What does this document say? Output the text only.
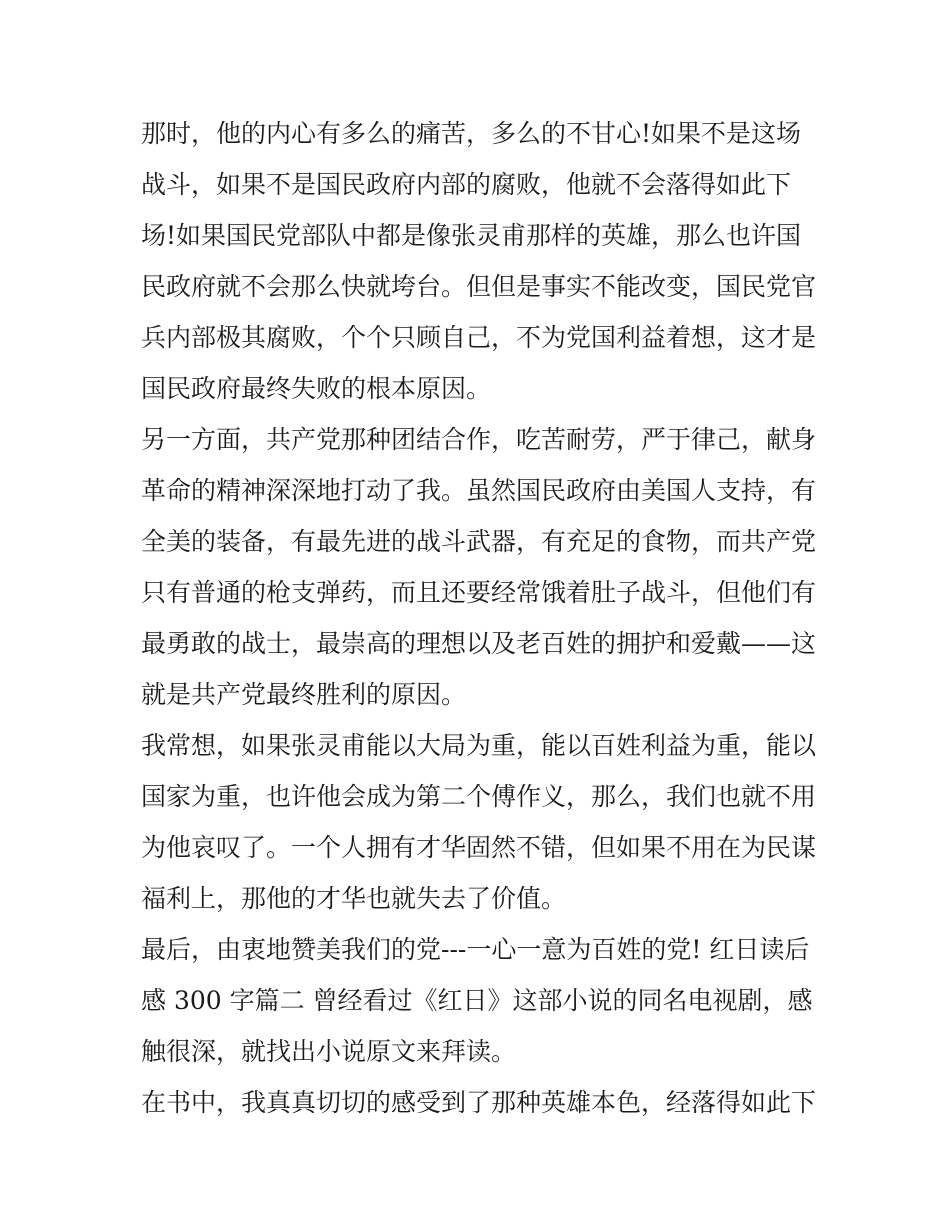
那时，他的内心有多么的痛苦，多么的不甘心!如果不是这场
战斗，如果不是国民政府内部的腐败，他就不会落得如此下
场!如果国民党部队中都是像张灵甫那样的英雄，那么也许国
民政府就不会那么快就垮台。但但是事实不能改变，国民党官
兵内部极其腐败，个个只顾自己，不为党国利益着想，这才是
国民政府最终失败的根本原因。
另一方面，共产党那种团结合作，吃苦耐劳，严于律己，献身
革命的精神深深地打动了我。虽然国民政府由美国人支持，有
全美的装备，有最先进的战斗武器，有充足的食物，而共产党
只有普通的枪支弹药，而且还要经常饿着肚子战斗，但他们有
最勇敢的战士，最崇高的理想以及老百姓的拥护和爱戴——这
就是共产党最终胜利的原因。
我常想，如果张灵甫能以大局为重，能以百姓利益为重，能以
国家为重，也许他会成为第二个傅作义，那么，我们也就不用
为他哀叹了。一个人拥有才华固然不错，但如果不用在为民谋
福利上，那他的才华也就失去了价值。
最后，由衷地赞美我们的党---一心一意为百姓的党! 红日读后
感 300 字篇二 曾经看过《红日》这部小说的同名电视剧，感
触很深，就找出小说原文来拜读。
在书中，我真真切切的感受到了那种英雄本色，经落得如此下
